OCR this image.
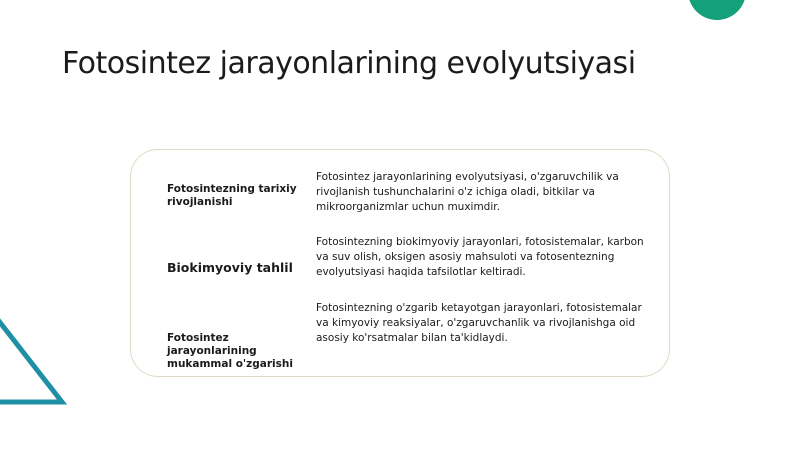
Fotosintez jarayonlarining evolyutsiyasi
Fotosintezning tarixiy rivojlanishi
Fotosintez jarayonlarining evolyutsiyasi, o'zgaruvchilik va rivojlanish tushunchalarini o'z ichiga oladi, bitkilar va mikroorganizmlar uchun muximdir.
Biokimyoviy tahlil
Fotosintezning biokimyoviy jarayonlari, fotosistemalar, karbon va suv olish, oksigen asosiy mahsuloti va fotosentezning evolyutsiyasi haqida tafsilotlar keltiradi.
Fotosintez jarayonlarining mukammal o'zgarishi
Fotosintezning o'zgarib ketayotgan jarayonlari, fotosistemalar va kimyoviy reaksiyalar, o'zgaruvchanlik va rivojlanishga oid asosiy ko'rsatmalar bilan ta'kidlaydi.
